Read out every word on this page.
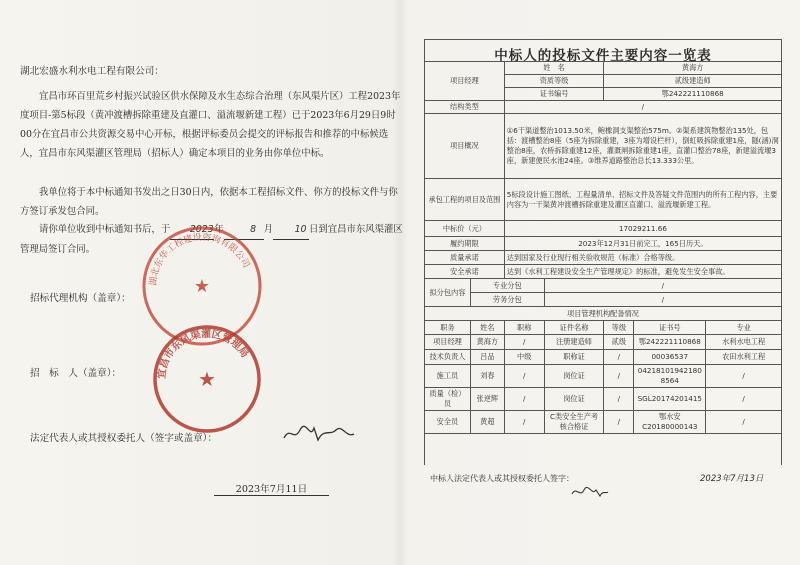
湖北宏盛水利水电工程有限公司：
宜昌市环百里荒乡村振兴试验区供水保障及水生态综合治理（东风渠片区）工程2023年度项目-第5标段（黄冲渡槽拆除重建及直灌口、溢流堰新建工程）已于2023年6月29日9时00分在宜昌市公共资源交易中心开标，根据评标委员会提交的评标报告和推荐的中标候选人，宜昌市东风渠灌区管理局（招标人）确定本项目的业务由你单位中标。
我单位将于本中标通知书发出之日30日内，依据本工程招标文件、你方的投标文件与你方签订承发包合同。
请你单位收到中标通知书后，于 2023年	8 月 10 日到宜昌市东风渠灌区管理局签订合同。
招标代理机构（盖章）：
招　标　人（盖章）：
法定代表人或其授权委托人（签字或盖章）：
2023年7月11日
湖北东华工程建设咨询有限公司
★
宜昌市东风渠灌区管理局
★
中标人的投标文件主要内容一览表
项目经理		姓　名		黄海方		
		资质等级		贰级建造师		
		证书编号		鄂242221110868		
结构类型		/				
项目概况		①6干渠道整治1013.50米，鲍橡洞支渠整治575m。②渠系建筑物整治135处，包括：渡槽整治8座（5座为拆除重建，3座为增设栏杆），倒虹吸拆除重建1座，隧(涵)洞整治8座，农桥拆除重建12座，灌溉闸拆除重建1座，直灌口整治78座，新建溢流堰3座，新建便民水池24座。③维养道路整治总长13.333公里。				
承包工程的项目及范围		5标段设计施工图纸、工程量清单、招标文件及答疑文件范围内的所有工程内容，主要内容为一干渠黄冲渡槽拆除重建及灌区直灌口、溢流堰新建工程。				
中标价（元）		17029211.66				
履约期限		2023年12月31日前完工，165日历天。				
质量承诺		达到国家及行业现行相关验收规范（标准）合格等级。				
安全承诺		达到《水利工程建设安全生产管理规定》的标准，避免发生安全事故。				
拟分包内容	专业分包		/			
	劳务分包		/			
项目管理机构配备情况						
职务	姓名	职称	证件名称	等级	证书号	专业
项目经理	黄海方	/	注册建造师	贰级	鄂242221110868	水利水电工程
技术负责人	吕品	中级	职称证	/	00036537	农田水利工程
施工员	刘春	/	岗位证	/	04218101942180 8564	/
质量（检）员	张逆辉	/	岗位证	/	SGL20174201415	/
安全员	黄超	/	C类安全生产考核合格证	/	鄂水安C20180000143	/
中标人法定代表人或其授权委托人签字：	2023年7月13日
